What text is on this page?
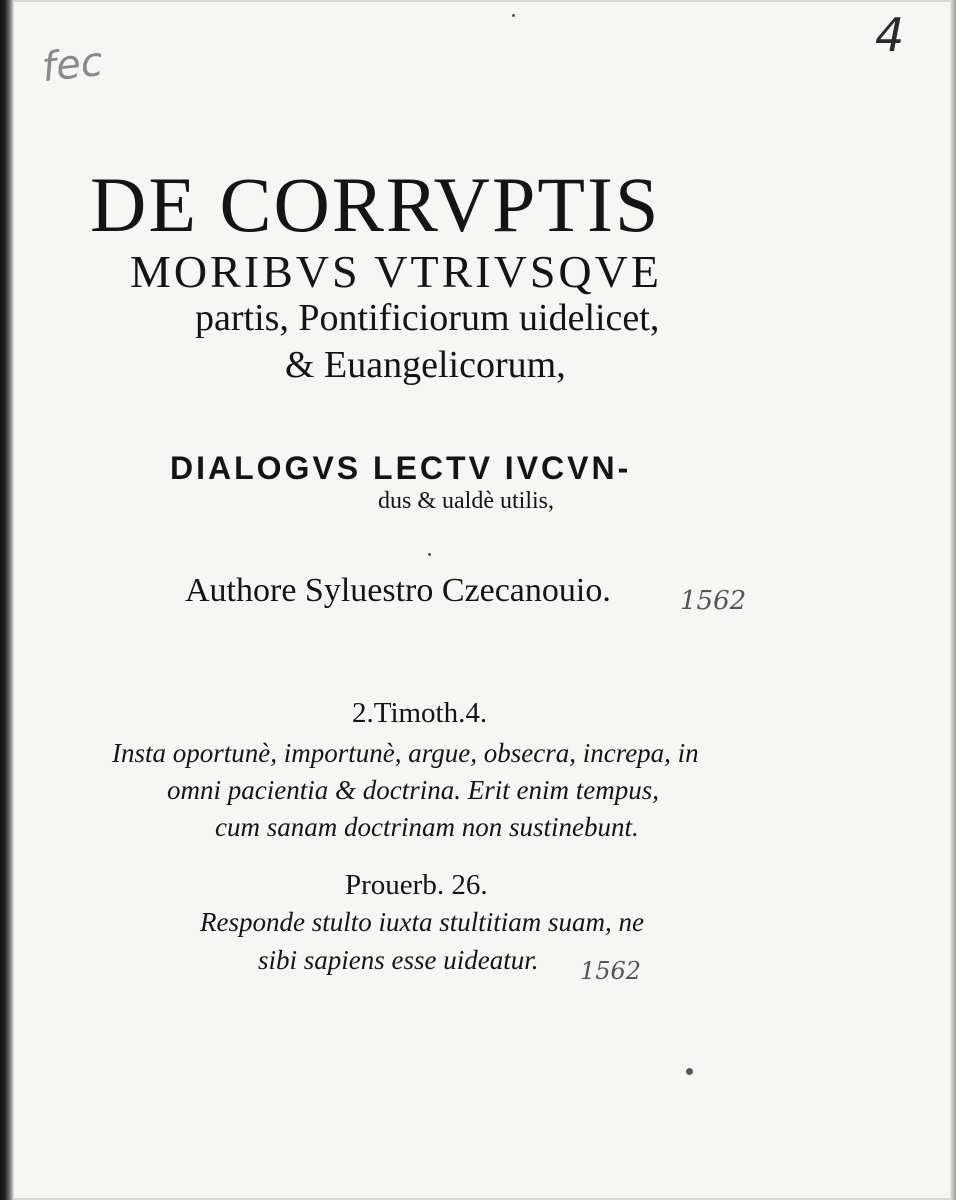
fec
4
DE CORRVPTIS
MORIBVS VTRIVSQVE
partis, Pontificiorum uidelicet,
& Euangelicorum,
DIALOGVS LECTV IVCVN-
dus & ualdè utilis,
Authore Syluestro Czecanouio.	1562
2.Timoth.4.
Insta oportunè, importunè, argue, obsecra, increpa, in
omni pacientia & doctrina. Erit enim tempus,
cum sanam doctrinam non sustinebunt.
Prouerb. 26.
Responde stulto iuxta stultitiam suam, ne
sibi sapiens esse uideatur. 1562
